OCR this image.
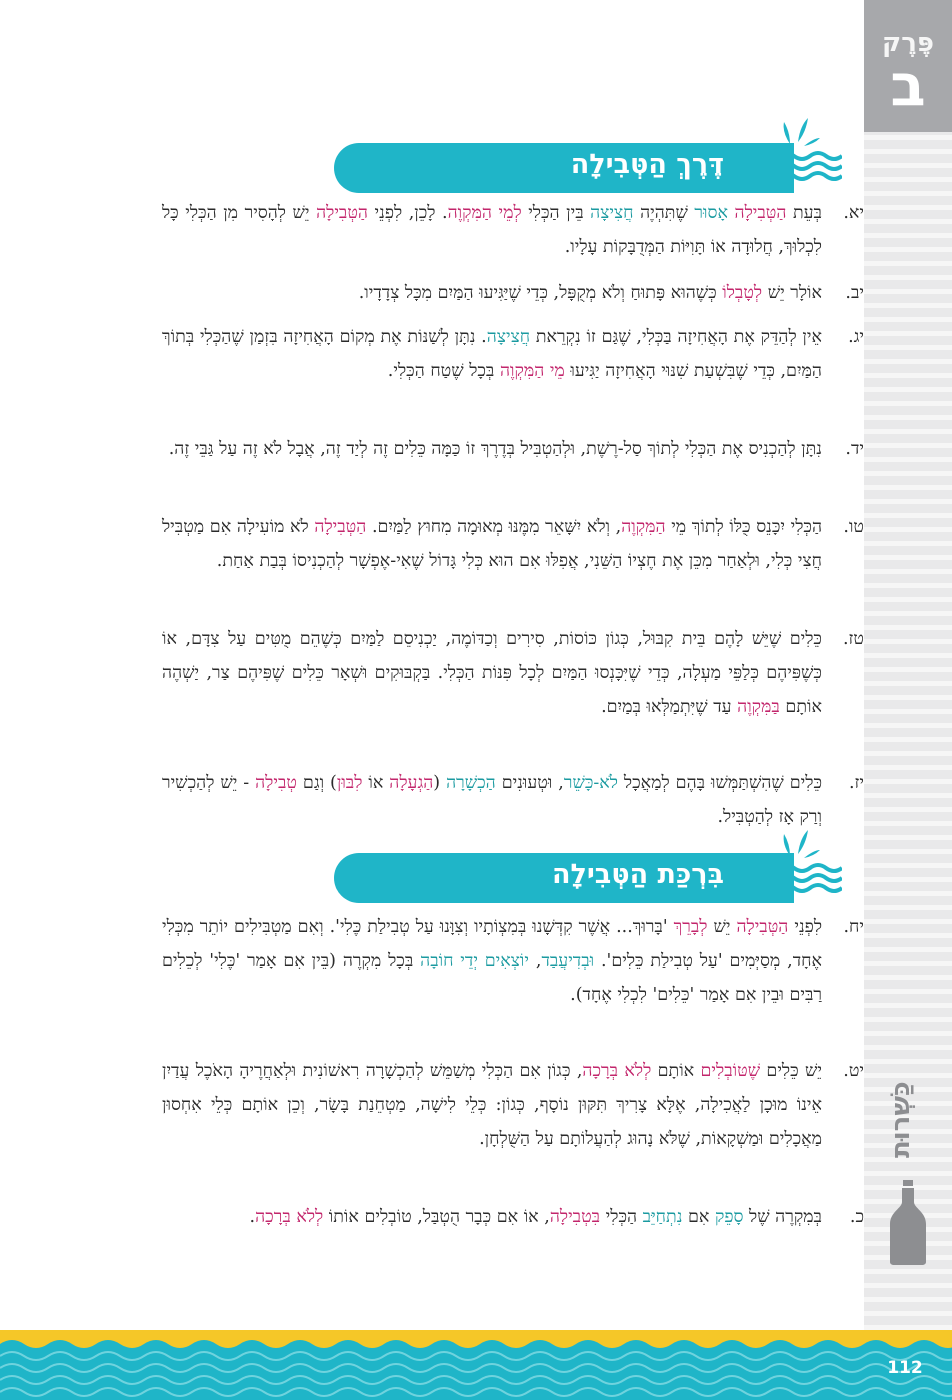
פֶּרֶק
ב
כַּשְׁרוּת
דֶּרֶךְ הַטְּבִילָה
בִּרְכַּת הַטְּבִילָה
יא.
בְּעֵת הַטְּבִילָה אָסוּר שֶׁתִּהְיֶה חֲצִיצָה בֵּין הַכְּלִי לְמֵי הַמִּקְוֶה. לָכֵן, לִפְנֵי הַטְּבִילָה יֵשׁ לְהָסִיר מִן הַכְּלִי כָּל לִכְלוּךְ, חֲלוּדָה אוֹ תָּוִיּוֹת הַמְּדֻבָּקוֹת עָלָיו.
יב.
אוֹלָר יֵשׁ לְטָבְלוֹ כְּשֶׁהוּא פָּתוּחַ וְלֹא מְקֻפָּל, כְּדֵי שֶׁיַּגִּיעוּ הַמַּיִם מִכָּל צְדָדָיו.
יג.
אֵין לְהַדֵּק אֶת הָאֲחִיזָה בַּכְּלִי, שֶׁגַּם זוֹ נִקְרֵאת חֲצִיצָה. נִתָּן לְשַׁנּוֹת אֶת מְקוֹם הָאֲחִיזָה בִּזְמַן שֶׁהַכְּלִי בְּתוֹךְ הַמַּיִם, כְּדֵי שֶׁבִּשְׁעַת שִׁנּוּי הָאֲחִיזָה יַגִּיעוּ מֵי הַמִּקְוֶה בְּכָל שֶׁטַח הַכְּלִי.
יד.
נִתָּן לְהַכְנִיס אֶת הַכְּלִי לְתוֹךְ סַל-רֶשֶׁת, וּלְהַטְבִּיל בְּדֶרֶךְ זוֹ כַּמָּה כֵּלִים זֶה לְיַד זֶה, אֲבָל לֹא זֶה עַל גַּבֵּי זֶה.
טו.
הַכְּלִי יִכָּנֵס כֻּלּוֹ לְתוֹךְ מֵי הַמִּקְוֶה, וְלֹא יִשָּׁאֵר מִמֶּנּוּ מְאוּמָה מִחוּץ לַמַּיִם. הַטְּבִילָה לֹא מוֹעִילָה אִם מַטְבִּיל חֲצִי כְּלִי, וּלְאַחַר מִכֵּן אֶת חֶצְיוֹ הַשֵּׁנִי, אֲפִלּוּ אִם הוּא כְּלִי גָּדוֹל שֶׁאִי-אֶפְשָׁר לְהַכְנִיסוֹ בְּבַת אַחַת.
טז.
כֵּלִים שֶׁיֵּשׁ לָהֶם בֵּית קִבּוּל, כְּגוֹן כּוֹסוֹת, סִירִים וְכַדּוֹמֶה, יַכְנִיסֵם לַמַּיִם כְּשֶׁהֵם מֻטִּים עַל צִדָּם, אוֹ כְּשֶׁפִּיהֶם כְּלַפֵּי מַעְלָה, כְּדֵי שֶׁיִּכָּנְסוּ הַמַּיִם לְכָל פִּנּוֹת הַכְּלִי. בַּקְבּוּקִים וּשְׁאָר כֵּלִים שֶׁפִּיהֶם צַר, יַשְׁהֶה אוֹתָם בַּמִּקְוֶה עַד שֶׁיִּתְמַלְּאוּ בְּמַיִם.
יז.
כֵּלִים שֶׁהִשְׁתַּמְּשׁוּ בָּהֶם לְמַאֲכָל לֹא-כָּשֵׁר, וּטְעוּנִים הַכְשָׁרָה (הַגְעָלָה אוֹ לִבּוּן) וְגַם טְבִילָה - יֵשׁ לְהַכְשִׁיר וְרַק אָז לְהַטְבִּיל.
יח.
לִפְנֵי הַטְּבִילָה יֵשׁ לְבָרֵךְ 'בָּרוּךְ... אֲשֶׁר קִדְּשָׁנוּ בְּמִצְוֹתָיו וְצִוָּנוּ עַל טְבִילַת כֶּלִי'. וְאִם מַטְבִּילִים יוֹתֵר מִכְּלִי אֶחָד, מְסַיְּמִים 'עַל טְבִילַת כֵּלִים'. וּבְדִיעֲבַד, יוֹצְאִים יְדֵי חוֹבָה בְּכָל מִקְרֶה (בֵּין אִם אָמַר 'כֶּלִי' לְכֵלִים רַבִּים וּבֵין אִם אָמַר 'כֵּלִים' לִכְלִי אֶחָד).
יט.
יֵשׁ כֵּלִים שֶׁטּוֹבְלִים אוֹתָם לְלֹא בְּרָכָה, כְּגוֹן אִם הַכְּלִי מְשַׁמֵּשׁ לְהַכְשָׁרָה רִאשׁוֹנִית וּלְאַחֲרֶיהָ הָאֹכֶל עֲדַיִן אֵינוֹ מוּכָן לַאֲכִילָה, אֶלָּא צָרִיךְ תִּקּוּן נוֹסָף, כְּגוֹן: כְּלֵי לִישָׁה, מַטְחֵנַת בָּשָׂר, וְכֵן אוֹתָם כְּלֵי אִחְסוּן מַאֲכָלִים וּמַשְׁקָאוֹת, שֶׁלֹּא נָהוּג לְהַעֲלוֹתָם עַל הַשֻּׁלְחָן.
כ.
בְּמִקְרֶה שֶׁל סָפֵק אִם נִתְחַיֵּב הַכְּלִי בִּטְבִילָה, אוֹ אִם כְּבָר הֻטְבַּל, טוֹבְלִים אוֹתוֹ לְלֹא בְּרָכָה.
112
